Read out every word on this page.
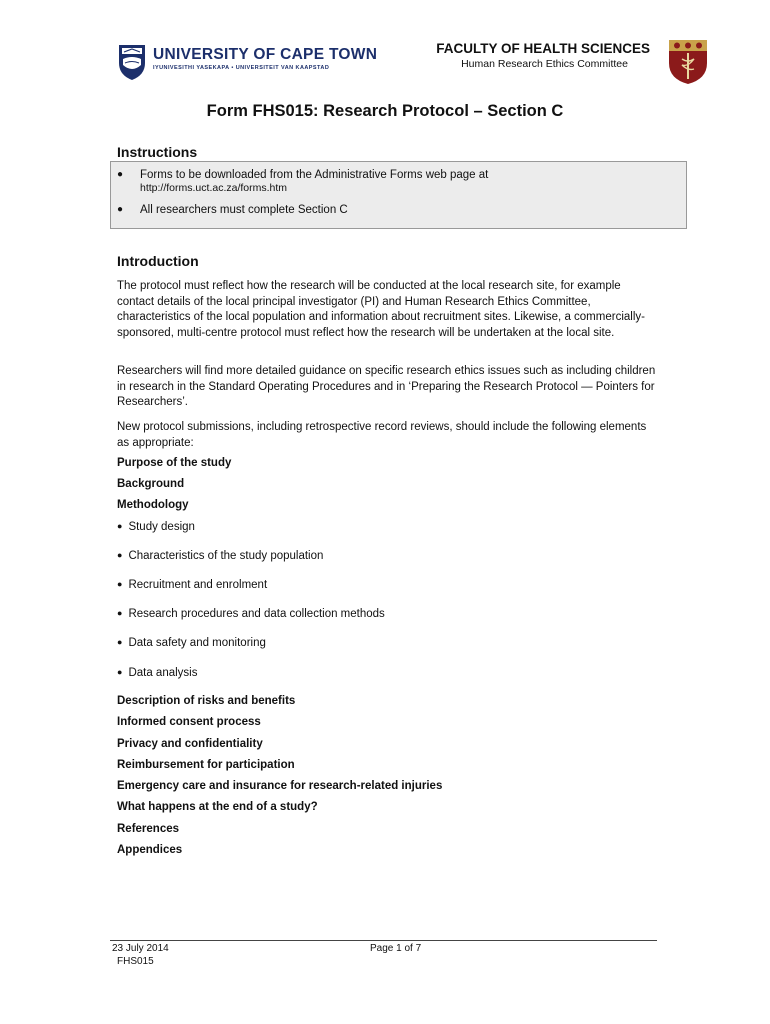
UNIVERSITY OF CAPE TOWN
IYUNIVESITHI YASEKAPA • UNIVERSITEIT VAN KAAPSTAD
FACULTY OF HEALTH SCIENCES
Human Research Ethics Committee
Form FHS015: Research Protocol – Section C
Instructions
● Forms to be downloaded from the Administrative Forms web page at
http://forms.uct.ac.za/forms.htm
● All researchers must complete Section C
Introduction
The protocol must reflect how the research will be conducted at the local research site, for example contact details of the local principal investigator (PI) and Human Research Ethics Committee, characteristics of the local population and information about recruitment sites. Likewise, a commercially-sponsored, multi-centre protocol must reflect how the research will be undertaken at the local site.
Researchers will find more detailed guidance on specific research ethics issues such as including children in research in the Standard Operating Procedures and in ‘Preparing the Research Protocol — Pointers for Researchers’.
New protocol submissions, including retrospective record reviews, should include the following elements as appropriate:
Purpose of the study
Background
Methodology
● Study design
● Characteristics of the study population
● Recruitment and enrolment
● Research procedures and data collection methods
● Data safety and monitoring
● Data analysis
Description of risks and benefits
Informed consent process
Privacy and confidentiality
Reimbursement for participation
Emergency care and insurance for research-related injuries
What happens at the end of a study?
References
Appendices
23 July 2014
FHS015
Page 1 of 7
